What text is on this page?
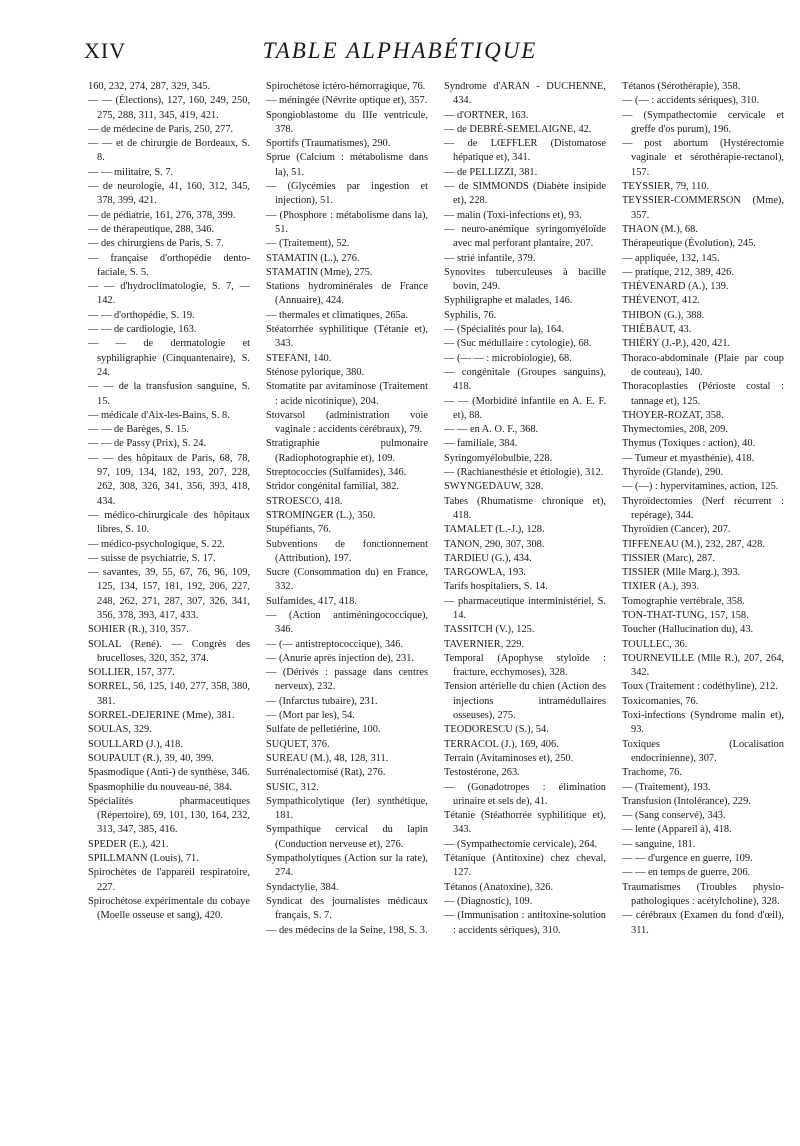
XIV	TABLE ALPHABÉTIQUE
160, 232, 274, 287, 329, 345.
— — (Élections), 127, 160, 249, 250, 275, 288, 311, 345, 419, 421.
— de médecine de Paris, 250, 277.
— — et de chirurgie de Bordeaux, S. 8.
— — militaire, S. 7.
— de neurologie, 41, 160, 312, 345, 378, 399, 421.
— de pédiatrie, 161, 276, 378, 399.
— de thérapeutique, 288, 346.
— des chirurgiens de Paris, S. 7.
— française d'orthopédie dento-faciale, S. 5.
— — d'hydroclimatologie, S. 7, — 142.
— — d'orthopédie, S. 19.
— — de cardiologie, 163.
— — de dermatologie et syphiligraphie (Cinquantenaire), S. 24.
— — de la transfusion sanguine, S. 15.
— médicale d'Aix-les-Bains, S. 8.
— — de Barèges, S. 15.
— — de Passy (Prix), S. 24.
— — des hôpitaux de Paris, 68, 78, 97, 109, 134, 182, 193, 207, 228, 262, 308, 326, 341, 356, 393, 418, 434.
— médico-chirurgicale des hôpitaux libres, S. 10.
— médico-psychologique, S. 22.
— suisse de psychiatrie, S. 17.
— savantes, 39, 55, 67, 76, 96, 109, 125, 134, 157, 181, 192, 206, 227, 248, 262, 271, 287, 307, 326, 341, 356, 378, 393, 417, 433.
SOHIER (R.), 310, 357.
SOLAL (René). — Congrès des brucelloses, 320, 352, 374.
SOLLIER, 157, 377.
SORREL, 56, 125, 140, 277, 358, 380, 381.
SORREL-DEJERINE (Mme), 381.
SOULAS, 329.
SOULLARD (J.), 418.
SOUPAULT (R.), 39, 40, 399.
Spasmodique (Anti-) de synthèse, 346.
Spasmophilie du nouveau-né, 384.
Spécialités pharmaceutiques (Répertoire), 69, 101, 130, 164, 232, 313, 347, 385, 416.
SPEDER (E.), 421.
SPILLMANN (Louis), 71.
Spirochètes de l'appareil respiratoire, 227.
Spirochétose expérimentale du cobaye (Moelle osseuse et sang), 420.
Spirochétose ictéro-hémorragique, 76.
— méningée (Névrite optique et), 357.
Spongioblastome du IIIe ventricule, 378.
Sportifs (Traumatismes), 290.
Sprue (Calcium : métabolisme dans la), 51.
— (Glycémies par ingestion et injection), 51.
— (Phosphore : métabolisme dans la), 51.
— (Traitement), 52.
STAMATIN (L.), 276.
STAMATIN (Mme), 275.
Stations hydrominérales de France (Annuaire), 424.
— thermales et climatiques, 265a.
Stéatorrhée syphilitique (Tétanie et), 343.
STEFANI, 140.
Sténose pylorique, 380.
Stomatite par avitaminose (Traitement : acide nicotinique), 204.
Stovarsol (administration voie vaginale : accidents cérébraux), 79.
Stratigraphie pulmonaire (Radiophotographie et), 109.
Streptococcies (Sulfamides), 346.
Stridor congénital familial, 382.
STROESCO, 418.
STROMINGER (L.), 350.
Stupéfiants, 76.
Subventions de fonctionnement (Attribution), 197.
Sucre (Consommation du) en France, 332.
Sulfamides, 417, 418.
— (Action antiméningococcique), 346.
— (— antistreptococcique), 346.
— (Anurie après injection de), 231.
— (Dérivés : passage dans centres nerveux), 232.
— (Infarctus tubaire), 231.
— (Mort par les), 54.
Sulfate de pelletiérine, 100.
SUQUET, 376.
SUREAU (M.), 48, 128, 311.
Surrénalectomisé (Rat), 276.
SUSIC, 312.
Sympathicolytique (Ier) synthétique, 181.
Sympathique cervical du lapin (Conduction nerveuse et), 276.
Sympatholytiques (Action sur la rate), 274.
Syndactylie, 384.
Syndicat des journalistes médicaux français, S. 7.
— des médecins de la Seine, 198, S. 3.
Syndrome d'ARAN - DUCHENNE, 434.
— d'ORTNER, 163.
— de DEBRÉ-SEMELAIGNE, 42.
— de LŒFFLER (Distomatose hépatique et), 341.
— de PELLIZZI, 381.
— de SIMMONDS (Diabète insipide et), 228.
— malin (Toxi-infections et), 93.
— neuro-anémique syringomyéloïde avec mal perforant plantaire, 207.
— strié infantile, 379.
Synovites tuberculeuses à bacille bovin, 249.
Syphiligraphe et malades, 146.
Syphilis, 76.
— (Spécialités pour la), 164.
— (Suc médullaire : cytologie), 68.
— (— — : microbiologie), 68.
— congénitale (Groupes sanguins), 418.
— — (Morbidité infantile en A. E. F. et), 88.
— — en A. O. F., 368.
— familiale, 384.
Syringomyélobulbie, 228.
— (Rachianesthésie et étiologie), 312.
SWYNGEDAUW, 328.
Tabes (Rhumatisme chronique et), 418.
TAMALET (L.-J.), 128.
TANON, 290, 307, 308.
TARDIEU (G.), 434.
TARGOWLA, 193.
Tarifs hospitaliers, S. 14.
— pharmaceutique interministériel, S. 14.
TASSITCH (V.), 125.
TAVERNIER, 229.
Temporal (Apophyse styloïde : fracture, ecchymoses), 328.
Tension artérielle du chien (Action des injections intramédullaires osseuses), 275.
TEODORESCU (S.), 54.
TERRACOL (J.), 169, 406.
Terrain (Avitaminoses et), 250.
Testostérone, 263.
— (Gonadotropes : élimination urinaire et sels de), 41.
Tétanie (Stéathorrée syphilitique et), 343.
— (Sympathectomie cervicale), 264.
Tétanique (Antitoxine) chez cheval, 127.
Tétanos (Anatoxine), 326.
— (Diagnostic), 109.
— (Immunisation : antitoxine-solution : accidents sériques), 310.
Tétanos (Sérothérapie), 358.
— (— : accidents sériques), 310.
— (Sympathectomie cervicale et greffe d'os purum), 196.
— post abortum (Hystérectomie vaginale et sérothérapie-rectanol), 157.
TEYSSIER, 79, 110.
TEYSSIER-COMMERSON (Mme), 357.
THAON (M.), 68.
Thérapeutique (Évolution), 245.
— appliquée, 132, 145.
— pratique, 212, 389, 426.
THÉVENARD (A.), 139.
THÉVENOT, 412.
THIBON (G.), 388.
THIÉBAUT, 43.
THIÉRY (J.-P.), 420, 421.
Thoraco-abdominale (Plaie par coup de couteau), 140.
Thoracoplasties (Périoste costal : tannage et), 125.
THOYER-ROZAT, 358.
Thymectomies, 208, 209.
Thymus (Toxiques : action), 40.
— Tumeur et myasthénie), 418.
Thyroïde (Glande), 290.
— (—) : hypervitamines, action, 125.
Thyroïdectomies (Nerf récurrent : repérage), 344.
Thyroïdien (Cancer), 207.
TIFFENEAU (M.), 232, 287, 428.
TISSIER (Marc), 287.
TISSIER (Mlle Marg.), 393.
TIXIER (A.), 393.
Tomographie vertébrale, 358.
TON-THAT-TUNG, 157, 158.
Toucher (Hallucination du), 43.
TOULLEC, 36.
TOURNEVILLE (Mlle R.), 207, 264, 342.
Toux (Traitement : codéthyline), 212.
Toxicomanies, 76.
Toxi-infections (Syndrome malin et), 93.
Toxiques (Localisation endocrinienne), 307.
Trachome, 76.
— (Traitement), 193.
Transfusion (Intolérance), 229.
— (Sang conservé), 343.
— lente (Appareil à), 418.
— sanguine, 181.
— — d'urgence en guerre, 109.
— — en temps de guerre, 206.
Traumatismes (Troubles physio-pathologiques : acétylcholine), 328.
— cérébraux (Examen du fond d'œil), 311.
